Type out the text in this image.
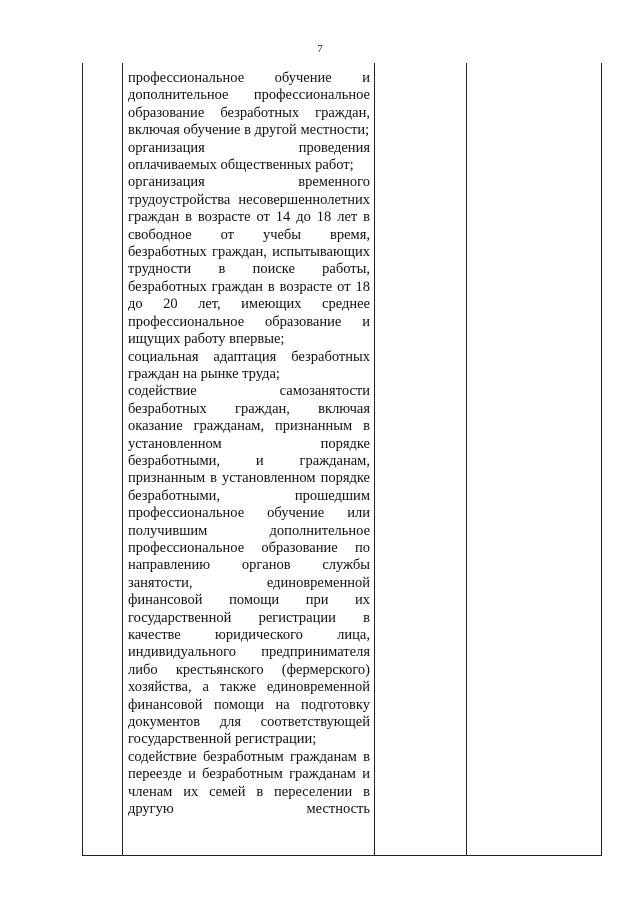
7

профессиональное обучение и дополнительное профессиональное образование безработных граждан, включая обучение в другой местности;

организация проведения оплачиваемых общественных работ;

организация временного трудоустройства несовершеннолетних граждан в возрасте от 14 до 18 лет в свободное от учебы время, безработных граждан, испытывающих трудности в поиске работы, безработных граждан в возрасте от 18 до 20 лет, имеющих среднее профессиональное образование и ищущих работу впервые;

социальная адаптация безработных граждан на рынке труда;

содействие самозанятости безработных граждан, включая оказание гражданам, признанным в установленном порядке безработными, и гражданам, признанным в установленном порядке безработными, прошедшим профессиональное обучение или получившим дополнительное профессиональное образование по направлению органов службы занятости, единовременной финансовой помощи при их государственной регистрации в качестве юридического лица, индивидуального предпринимателя либо крестьянского (фермерского) хозяйства, а также единовременной финансовой помощи на подготовку документов для соответствующей государственной регистрации;

содействие безработным гражданам в переезде и безработным гражданам и членам их семей в переселении в другую местность
